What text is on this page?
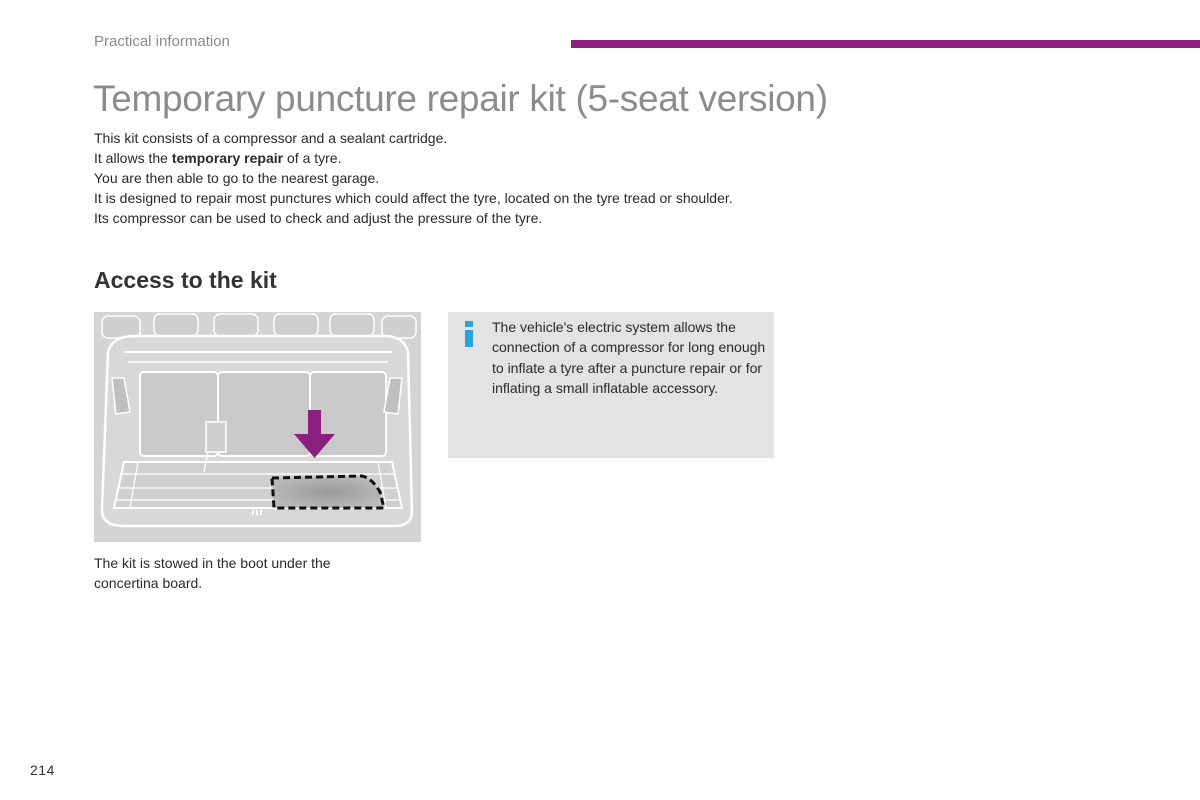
Practical information
Temporary puncture repair kit (5-seat version)

This kit consists of a compressor and a sealant cartridge.

It allows the temporary repair of a tyre.

You are then able to go to the nearest garage.

It is designed to repair most punctures which could affect the tyre, located on the tyre tread or shoulder.

Its compressor can be used to check and adjust the pressure of the tyre.

Access to the kit

The kit is stowed in the boot under the concertina board.

The vehicle's electric system allows the connection of a compressor for long enough to inflate a tyre after a puncture repair or for inflating a small inflatable accessory.

214
